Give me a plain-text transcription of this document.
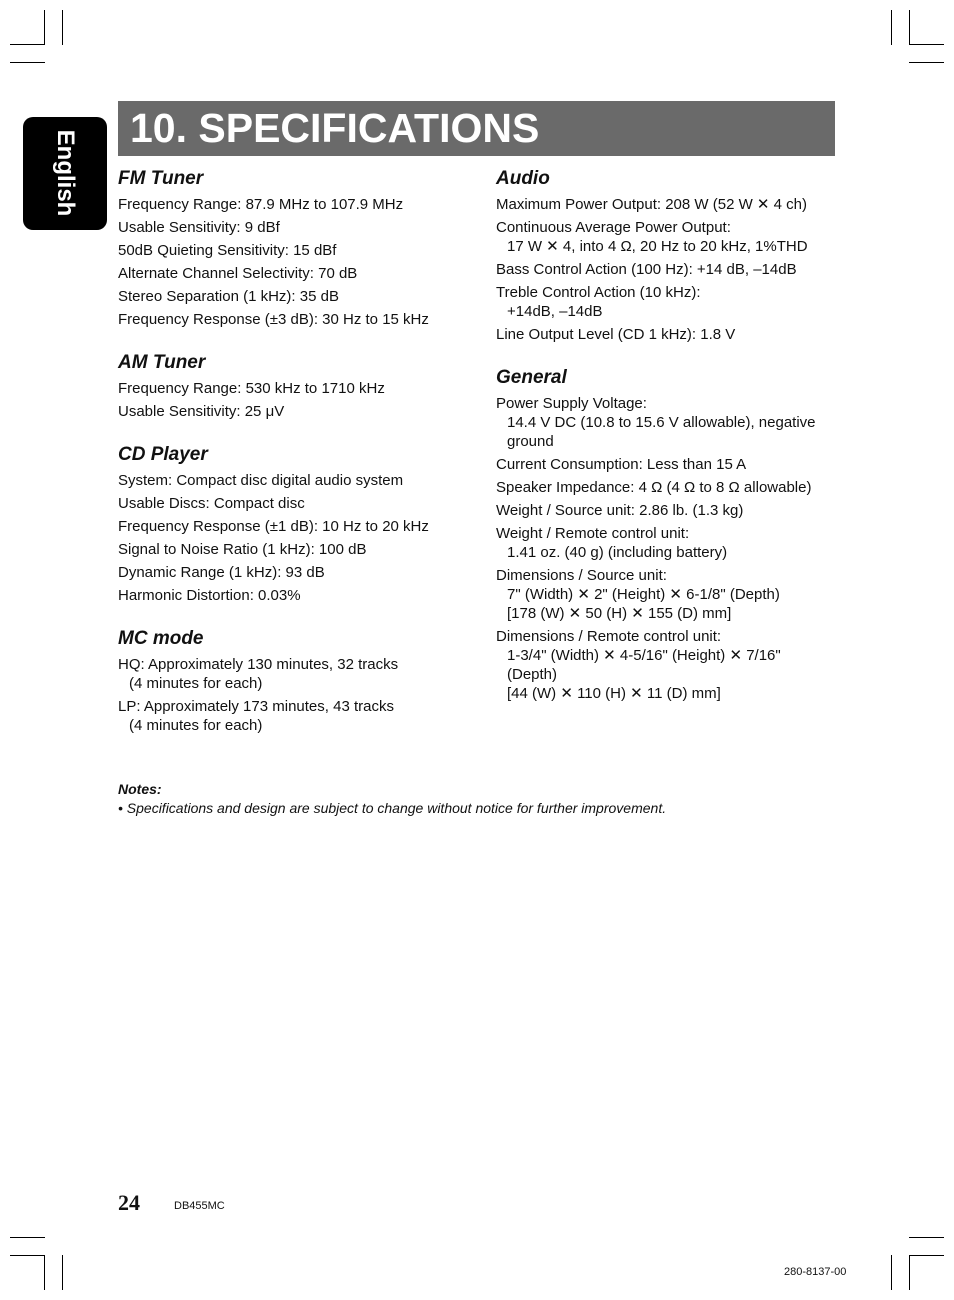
English
10. SPECIFICATIONS
FM Tuner
Frequency Range: 87.9 MHz to 107.9 MHz
Usable Sensitivity: 9 dBf
50dB Quieting Sensitivity: 15 dBf
Alternate Channel Selectivity: 70 dB
Stereo Separation (1 kHz): 35 dB
Frequency Response (±3 dB): 30 Hz to 15 kHz
AM Tuner
Frequency Range: 530 kHz to 1710 kHz
Usable Sensitivity: 25 μV
CD Player
System: Compact disc digital audio system
Usable Discs: Compact disc
Frequency Response (±1 dB): 10 Hz to 20 kHz
Signal to Noise Ratio (1 kHz): 100 dB
Dynamic Range (1 kHz): 93 dB
Harmonic Distortion: 0.03%
MC mode
HQ: Approximately 130 minutes, 32 tracks
(4 minutes for each)
LP: Approximately 173 minutes, 43 tracks
(4 minutes for each)
Audio
Maximum Power Output: 208 W (52 W ✕ 4 ch)
Continuous Average Power Output:
17 W ✕ 4, into 4 Ω, 20 Hz to 20 kHz, 1%THD
Bass Control Action (100 Hz): +14 dB, –14dB
Treble Control Action (10 kHz):
+14dB, –14dB
Line Output Level (CD 1 kHz): 1.8 V
General
Power Supply Voltage:
14.4 V DC (10.8 to 15.6 V allowable), negative
ground
Current Consumption: Less than 15 A
Speaker Impedance: 4 Ω (4 Ω to 8 Ω allowable)
Weight / Source unit: 2.86 lb. (1.3 kg)
Weight / Remote control unit:
1.41 oz. (40 g) (including battery)
Dimensions / Source unit:
7" (Width) ✕ 2" (Height) ✕ 6-1/8" (Depth)
[178 (W) ✕ 50 (H) ✕ 155 (D) mm]
Dimensions / Remote control unit:
1-3/4" (Width) ✕ 4-5/16" (Height) ✕ 7/16"
(Depth)
[44 (W) ✕ 110 (H) ✕ 11 (D) mm]
Notes:
• Specifications and design are subject to change without notice for further improvement.
24	DB455MC
280-8137-00
